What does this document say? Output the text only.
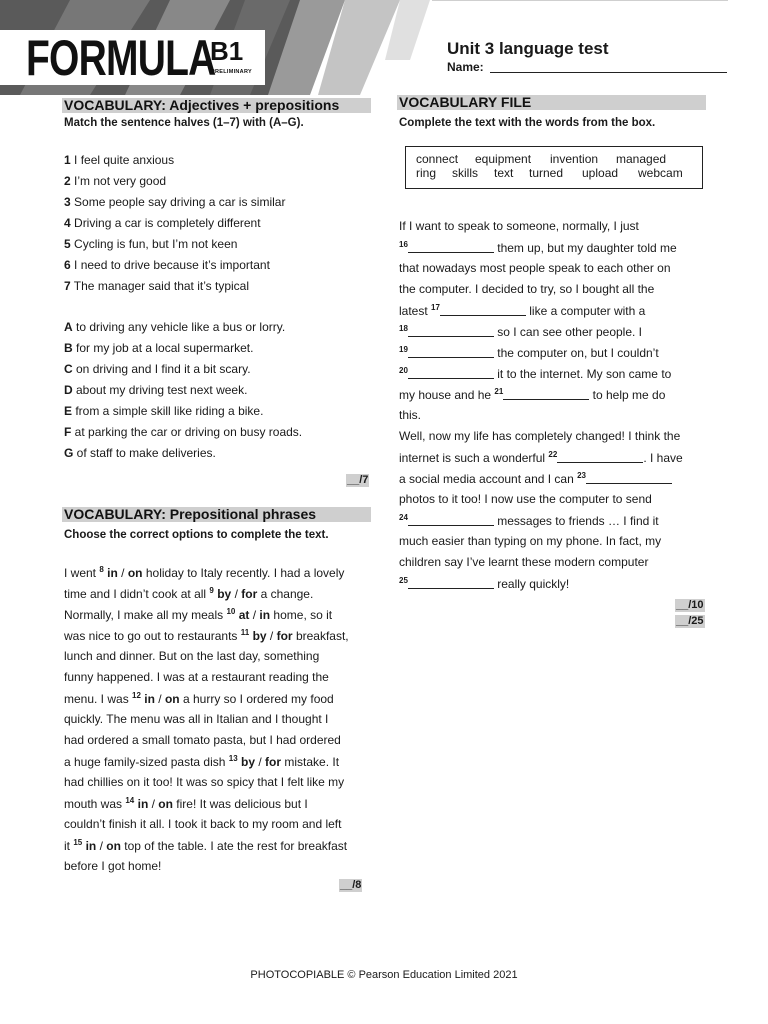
FORMULA
B1
PRELIMINARY
Unit 3 language test
Name:
VOCABULARY: Adjectives + prepositions
Match the sentence halves (1–7) with (A–G).
1 I feel quite anxious
2 I’m not very good
3 Some people say driving a car is similar
4 Driving a car is completely different
5 Cycling is fun, but I’m not keen
6 I need to drive because it’s important
7 The manager said that it’s typical
A to driving any vehicle like a bus or lorry.
B for my job at a local supermarket.
C on driving and I find it a bit scary.
D about my driving test next week.
E from a simple skill like riding a bike.
F at parking the car or driving on busy roads.
G of staff to make deliveries.
__/7
VOCABULARY: Prepositional phrases
Choose the correct options to complete the text.
I went $^8$ in / on holiday to Italy recently. I had a lovely
time and I didn’t cook at all $^9$ by / for a change.
Normally, I make all my meals $^{10}$ at / in home, so it
was nice to go out to restaurants $^{11}$ by / for breakfast,
lunch and dinner. But on the last day, something
funny happened. I was at a restaurant reading the
menu. I was $^{12}$ in / on a hurry so I ordered my food
quickly. The menu was all in Italian and I thought I
had ordered a small tomato pasta, but I had ordered
a huge family-sized pasta dish $^{13}$ by / for mistake. It
had chillies on it too! It was so spicy that I felt like my
mouth was $^{14}$ in / on fire! It was delicious but I
couldn’t finish it all. I took it back to my room and left
it $^{15}$ in / on top of the table. I ate the rest for breakfast
before I got home!
__/8
VOCABULARY FILE
Complete the text with the words from the box.
connect equipment invention managed
ring skills text turned upload webcam
If I want to speak to someone, normally, I just
$^{16}$	them up, but my daughter told me
that nowadays most people speak to each other on
the computer. I decided to try, so I bought all the
latest $^{17}$	like a computer with a
$^{18}$	so I can see other people. I
$^{19}$	the computer on, but I couldn’t
$^{20}$	it to the internet. My son came to
my house and he $^{21}$	to help me do
this.
Well, now my life has completely changed! I think the
internet is such a wonderful $^{22}$	. I have
a social media account and I can $^{23}$
photos to it too! I now use the computer to send
$^{24}$	messages to friends … I find it
much easier than typing on my phone. In fact, my
children say I’ve learnt these modern computer
$^{25}$	really quickly!
__/10
__/25
PHOTOCOPIABLE © Pearson Education Limited 2021
